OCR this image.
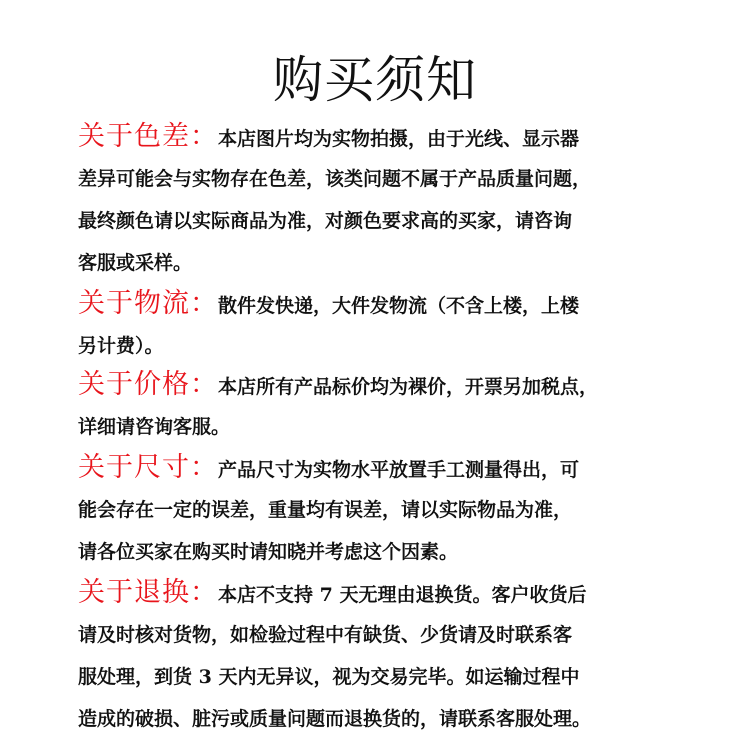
购买须知
关于色差：本店图片均为实物拍摄，由于光线、显示器
差异可能会与实物存在色差，该类问题不属于产品质量问题，
最终颜色请以实际商品为准，对颜色要求高的买家，请咨询
客服或采样。
关于物流：散件发快递，大件发物流（不含上楼，上楼
另计费）。
关于价格：本店所有产品标价均为裸价，开票另加税点，
详细请咨询客服。
关于尺寸：产品尺寸为实物水平放置手工测量得出，可
能会存在一定的误差，重量均有误差，请以实际物品为准，
请各位买家在购买时请知晓并考虑这个因素。
关于退换：本店不支持 7 天无理由退换货。客户收货后
请及时核对货物，如检验过程中有缺货、少货请及时联系客
服处理，到货 3 天内无异议，视为交易完毕。如运输过程中
造成的破损、脏污或质量问题而退换货的，请联系客服处理。
